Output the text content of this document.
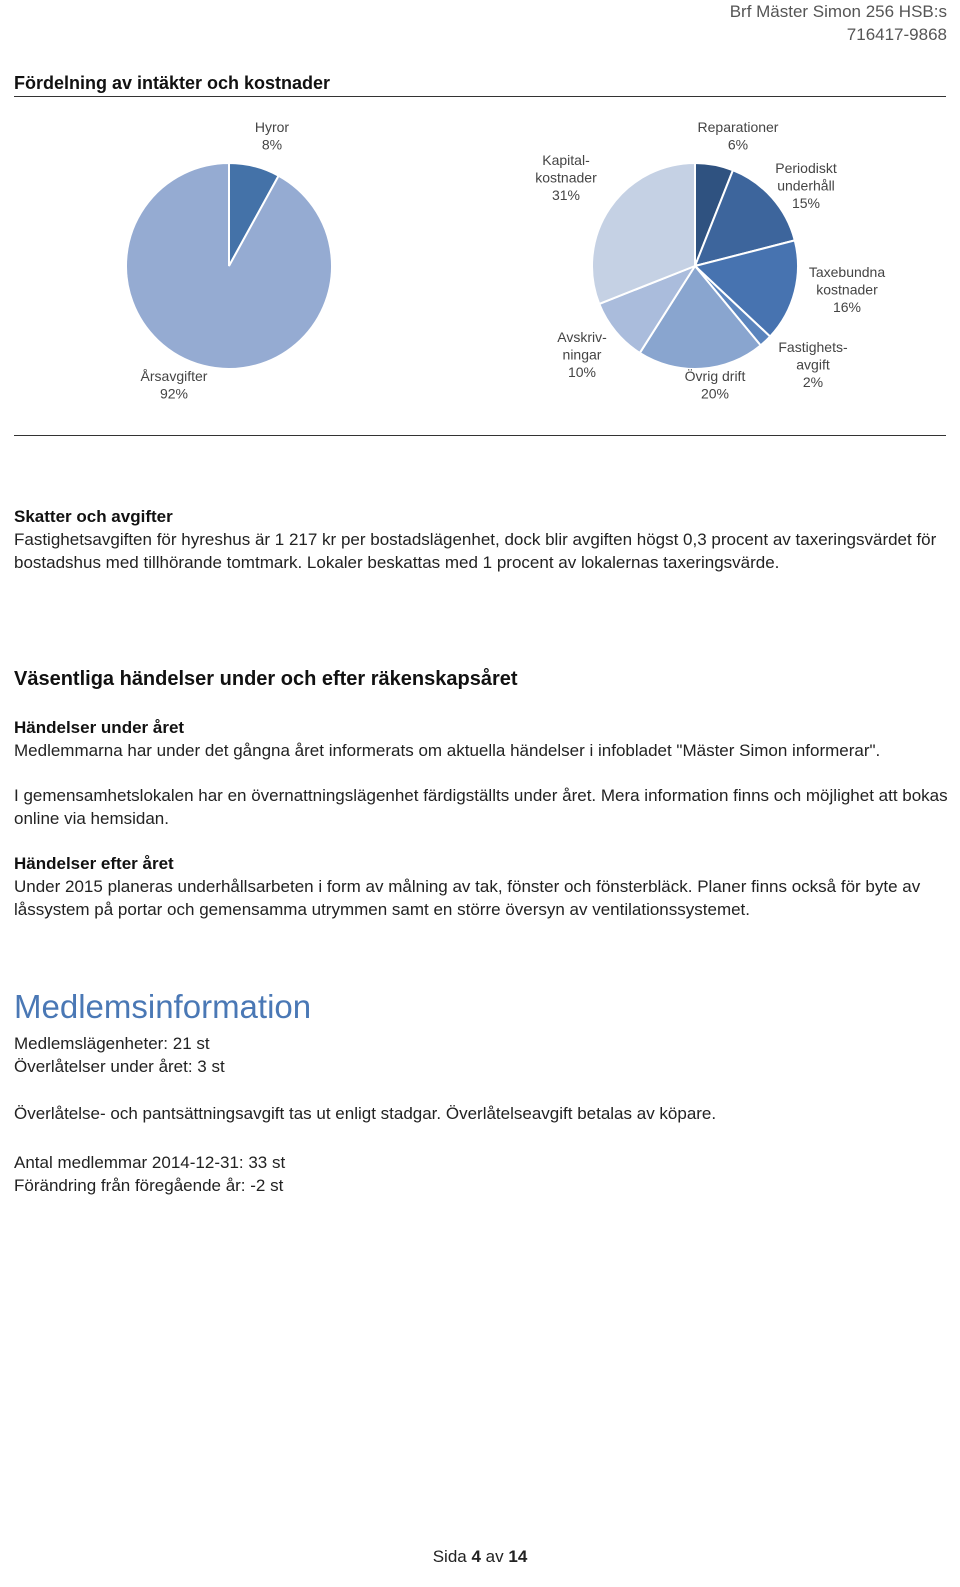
Brf Mäster Simon 256 HSB:s
716417-9868
Fördelning av intäkter och kostnader
Hyror 8%
Årsavgifter 92%
Reparationer 6%
Periodiskt underhåll 15%
Taxebundna kostnader 16%
Fastighets-avgift 2%
Övrig drift 20%
Avskriv-ningar 10%
Kapital-kostnader 31%

Skatter och avgifter

Fastighetsavgiften för hyreshus är 1 217 kr per bostadslägenhet, dock blir avgiften högst 0,3 procent av taxeringsvärdet för bostadshus med tillhörande tomtmark. Lokaler beskattas med 1 procent av lokalernas taxeringsvärde.

Väsentliga händelser under och efter räkenskapsåret

Händelser under året

Medlemmarna har under det gångna året informerats om aktuella händelser i infobladet "Mäster Simon informerar".

I gemensamhetslokalen har en övernattningslägenhet färdigställts under året. Mera information finns och möjlighet att bokas online via hemsidan.

Händelser efter året

Under 2015 planeras underhållsarbeten i form av målning av tak, fönster och fönsterbläck. Planer finns också för byte av låssystem på portar och gemensamma utrymmen samt en större översyn av ventilationssystemet.

Medlemsinformation

Medlemslägenheter: 21 st

Överlåtelser under året: 3 st

Överlåtelse- och pantsättningsavgift tas ut enligt stadgar. Överlåtelseavgift betalas av köpare.

Antal medlemmar 2014-12-31: 33 st

Förändring från föregående år: -2 st

Sida 4 av 14
